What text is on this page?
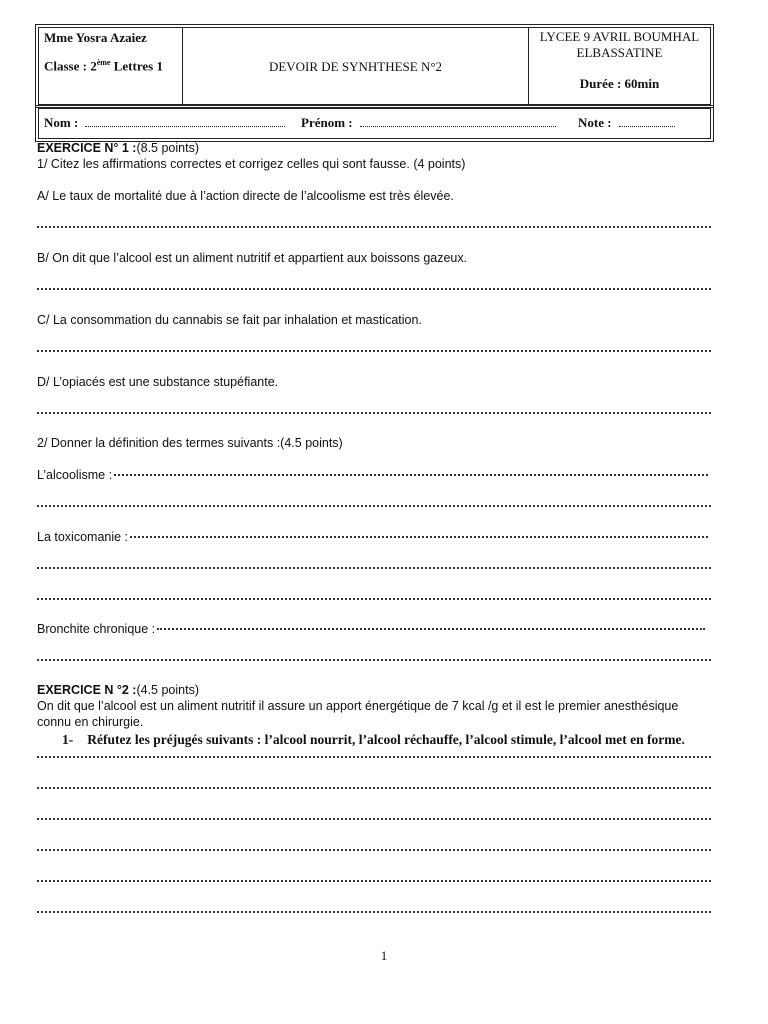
Mme Yosra Azaiez
Classe : 2ème Lettres 1	DEVOIR DE SYNHTHESE N°2
LYCEE 9 AVRIL BOUMHAL
ELBASSATINE
Durée : 60min
Nom :	Prénom :	Note :
EXERCICE N° 1 :(8.5 points)
1/ Citez les affirmations correctes et corrigez celles qui sont fausse. (4 points)
A/ Le taux de mortalité due à l’action directe de l’alcoolisme est très élevée.
B/ On dit que l’alcool est un aliment nutritif et appartient aux boissons gazeux.
C/ La consommation du cannabis se fait par inhalation et mastication.
D/ L’opiacés est une substance stupéfiante.
2/ Donner la définition des termes suivants :(4.5 points)
L’alcoolisme :
La toxicomanie :
Bronchite chronique :
EXERCICE N °2 :(4.5 points)
On dit que l’alcool est un aliment nutritif il assure un apport énergétique de 7 kcal /g et il est le premier anesthésique
connu en chirurgie.
1- Réfutez les préjugés suivants : l’alcool nourrit, l’alcool réchauffe, l’alcool stimule, l’alcool met en forme.
1
